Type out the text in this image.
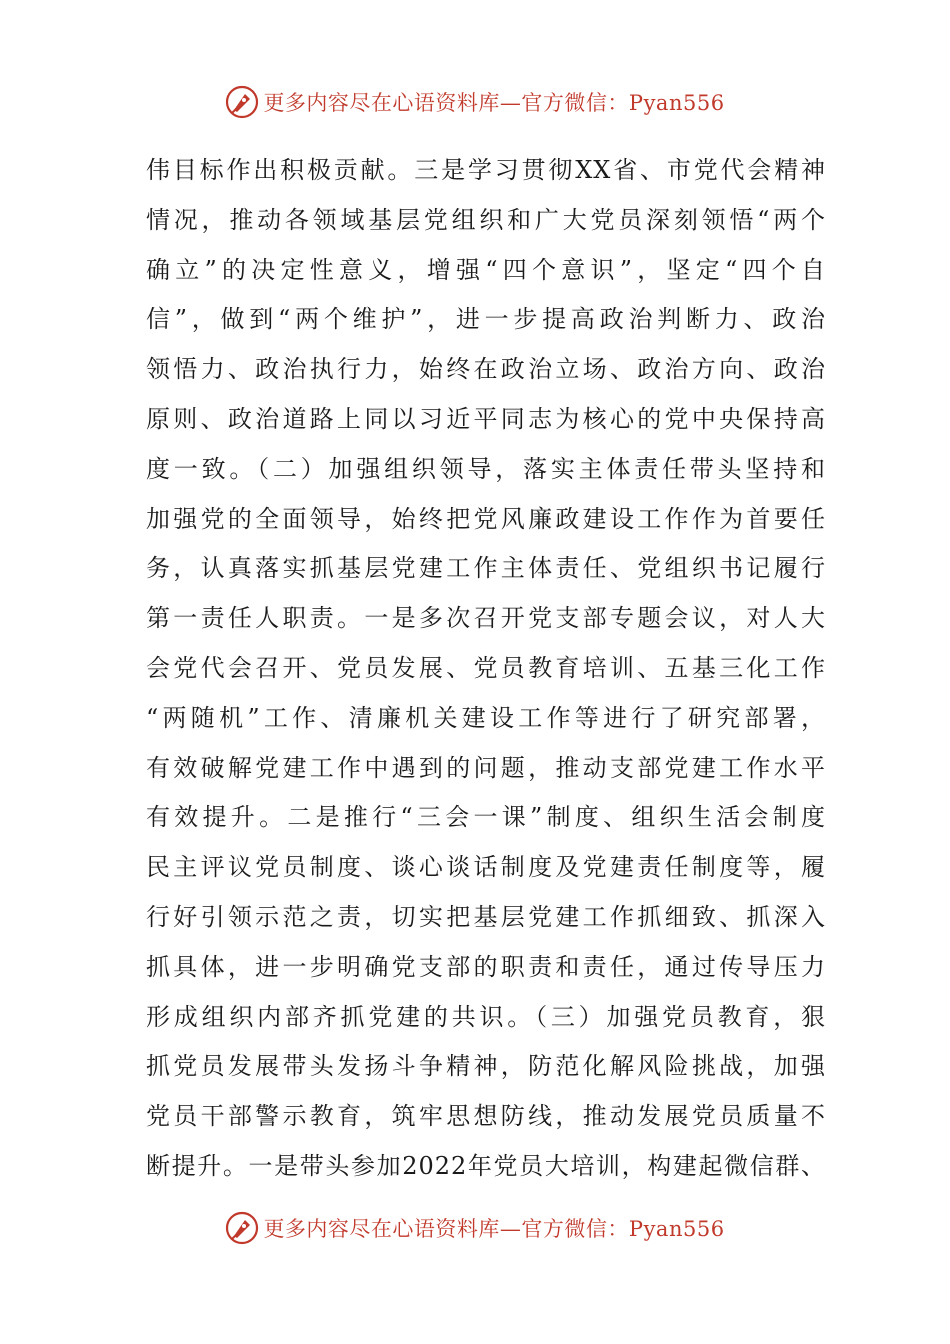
更多内容尽在心语资料库—官方微信：Pyan556
伟目标作出积极贡献。三是学习贯彻XX省、市党代会精神
情况，推动各领域基层党组织和广大党员深刻领悟“两个
确立”的决定性意义，增强“四个意识”，坚定“四个自
信”，做到“两个维护”，进一步提高政治判断力、政治
领悟力、政治执行力，始终在政治立场、政治方向、政治
原则、政治道路上同以习近平同志为核心的党中央保持高
度一致。（二）加强组织领导，落实主体责任带头坚持和
加强党的全面领导，始终把党风廉政建设工作作为首要任
务，认真落实抓基层党建工作主体责任、党组织书记履行
第一责任人职责。一是多次召开党支部专题会议，对人大
会党代会召开、党员发展、党员教育培训、五基三化工作
“两随机”工作、清廉机关建设工作等进行了研究部署，
有效破解党建工作中遇到的问题，推动支部党建工作水平
有效提升。二是推行“三会一课”制度、组织生活会制度
民主评议党员制度、谈心谈话制度及党建责任制度等，履
行好引领示范之责，切实把基层党建工作抓细致、抓深入
抓具体，进一步明确党支部的职责和责任，通过传导压力
形成组织内部齐抓党建的共识。（三）加强党员教育，狠
抓党员发展带头发扬斗争精神，防范化解风险挑战，加强
党员干部警示教育，筑牢思想防线，推动发展党员质量不
断提升。一是带头参加2022年党员大培训，构建起微信群、
更多内容尽在心语资料库—官方微信：Pyan556
